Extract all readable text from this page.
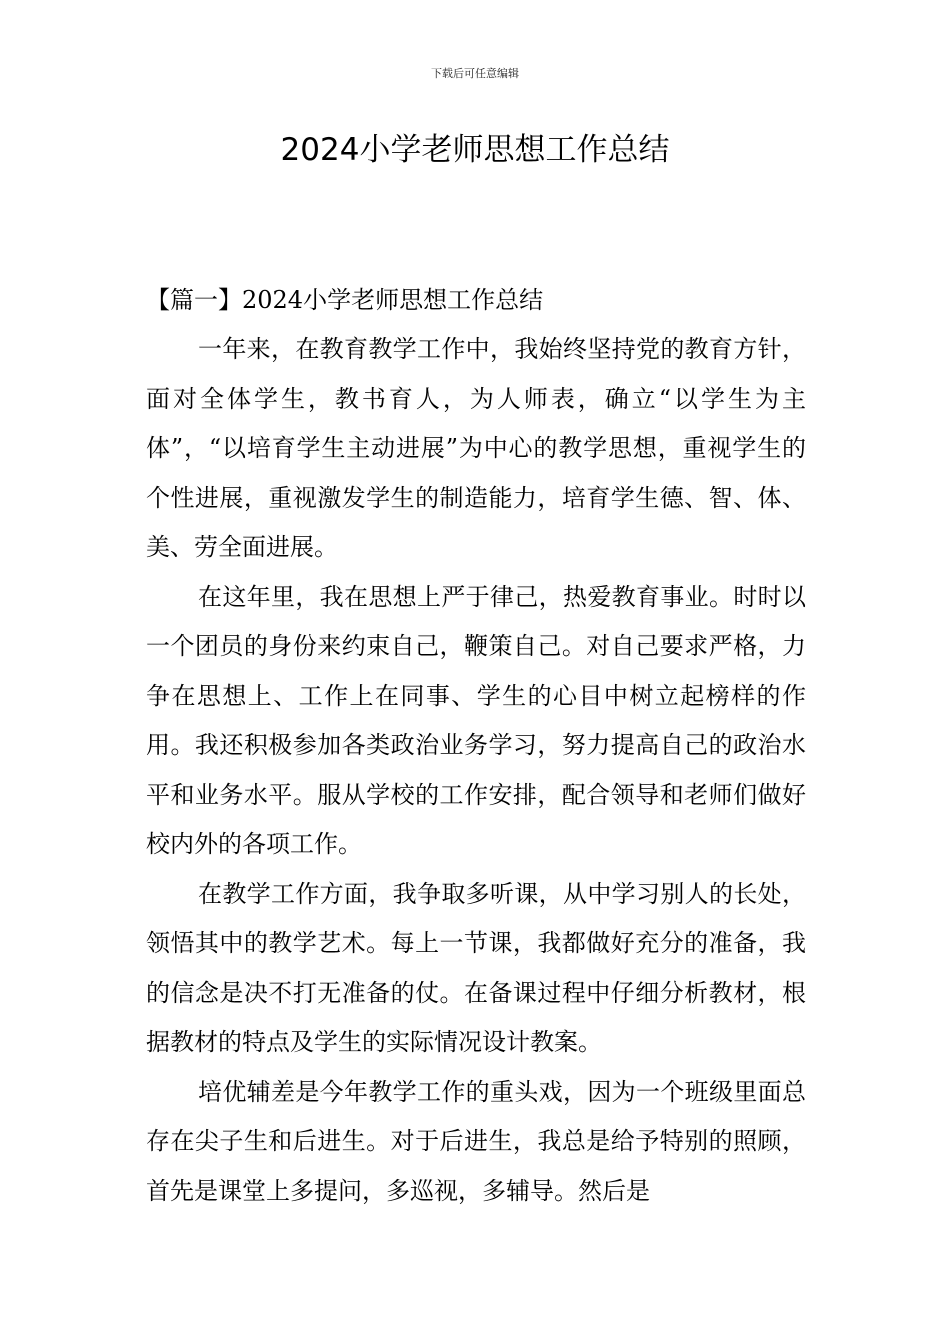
下载后可任意编辑
2024小学老师思想工作总结

【篇一】2024小学老师思想工作总结

一年来，在教育教学工作中，我始终坚持党的教育方针，面对全体学生，教书育人，为人师表，确立“以学生为主体”，“以培育学生主动进展”为中心的教学思想，重视学生的个性进展，重视激发学生的制造能力，培育学生德、智、体、美、劳全面进展。

在这年里，我在思想上严于律己，热爱教育事业。时时以一个团员的身份来约束自己，鞭策自己。对自己要求严格，力争在思想上、工作上在同事、学生的心目中树立起榜样的作用。我还积极参加各类政治业务学习，努力提高自己的政治水平和业务水平。服从学校的工作安排，配合领导和老师们做好校内外的各项工作。

在教学工作方面，我争取多听课，从中学习别人的长处，领悟其中的教学艺术。每上一节课，我都做好充分的准备，我的信念是决不打无准备的仗。在备课过程中仔细分析教材，根据教材的特点及学生的实际情况设计教案。

培优辅差是今年教学工作的重头戏，因为一个班级里面总存在尖子生和后进生。对于后进生，我总是给予特别的照顾，首先是课堂上多提问，多巡视，多辅导。然后是
